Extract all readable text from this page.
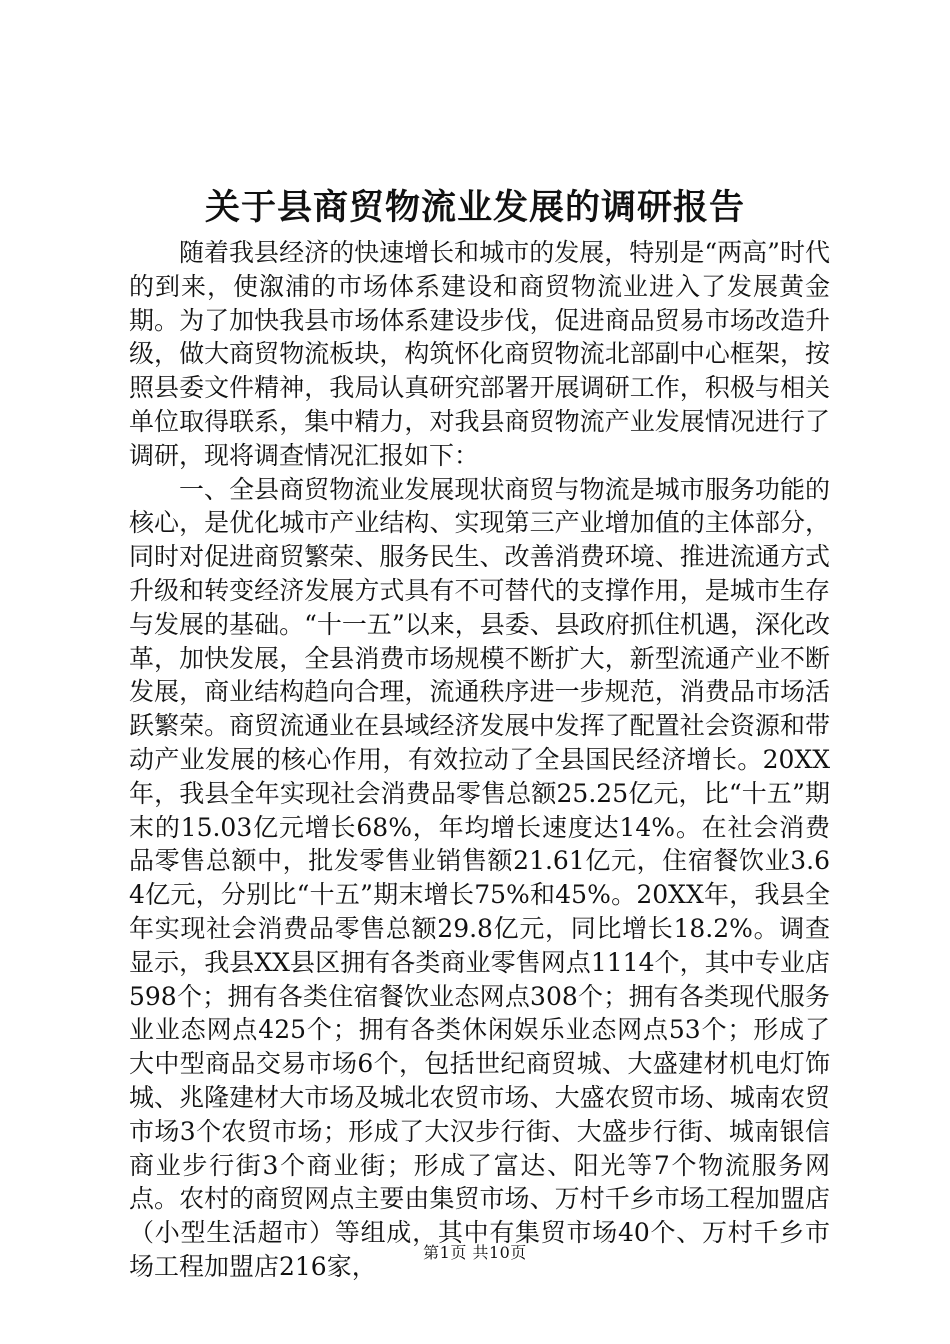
关于县商贸物流业发展的调研报告

随着我县经济的快速增长和城市的发展，特别是“两高”时代的到来，使溆浦的市场体系建设和商贸物流业进入了发展黄金期。为了加快我县市场体系建设步伐，促进商品贸易市场改造升级，做大商贸物流板块，构筑怀化商贸物流北部副中心框架，按照县委文件精神，我局认真研究部署开展调研工作，积极与相关单位取得联系，集中精力，对我县商贸物流产业发展情况进行了调研，现将调查情况汇报如下：

一、全县商贸物流业发展现状商贸与物流是城市服务功能的核心，是优化城市产业结构、实现第三产业增加值的主体部分，同时对促进商贸繁荣、服务民生、改善消费环境、推进流通方式升级和转变经济发展方式具有不可替代的支撑作用，是城市生存与发展的基础。“十一五”以来，县委、县政府抓住机遇，深化改革，加快发展，全县消费市场规模不断扩大，新型流通产业不断发展，商业结构趋向合理，流通秩序进一步规范，消费品市场活跃繁荣。商贸流通业在县域经济发展中发挥了配置社会资源和带动产业发展的核心作用，有效拉动了全县国民经济增长。20XX年，我县全年实现社会消费品零售总额25.25亿元，比“十五”期末的15.03亿元增长68%，年均增长速度达14%。在社会消费品零售总额中，批发零售业销售额21.61亿元，住宿餐饮业3.64亿元，分别比“十五”期末增长75%和45%。20XX年，我县全年实现社会消费品零售总额29.8亿元，同比增长18.2%。调查显示，我县XX县区拥有各类商业零售网点1114个，其中专业店598个；拥有各类住宿餐饮业态网点308个；拥有各类现代服务业业态网点425个；拥有各类休闲娱乐业态网点53个；形成了大中型商品交易市场6个，包括世纪商贸城、大盛建材机电灯饰城、兆隆建材大市场及城北农贸市场、大盛农贸市场、城南农贸市场3个农贸市场；形成了大汉步行街、大盛步行街、城南银信商业步行街3个商业街；形成了富达、阳光等7个物流服务网点。农村的商贸网点主要由集贸市场、万村千乡市场工程加盟店（小型生活超市）等组成，其中有集贸市场40个、万村千乡市场工程加盟店216家，	第1页 共10页
